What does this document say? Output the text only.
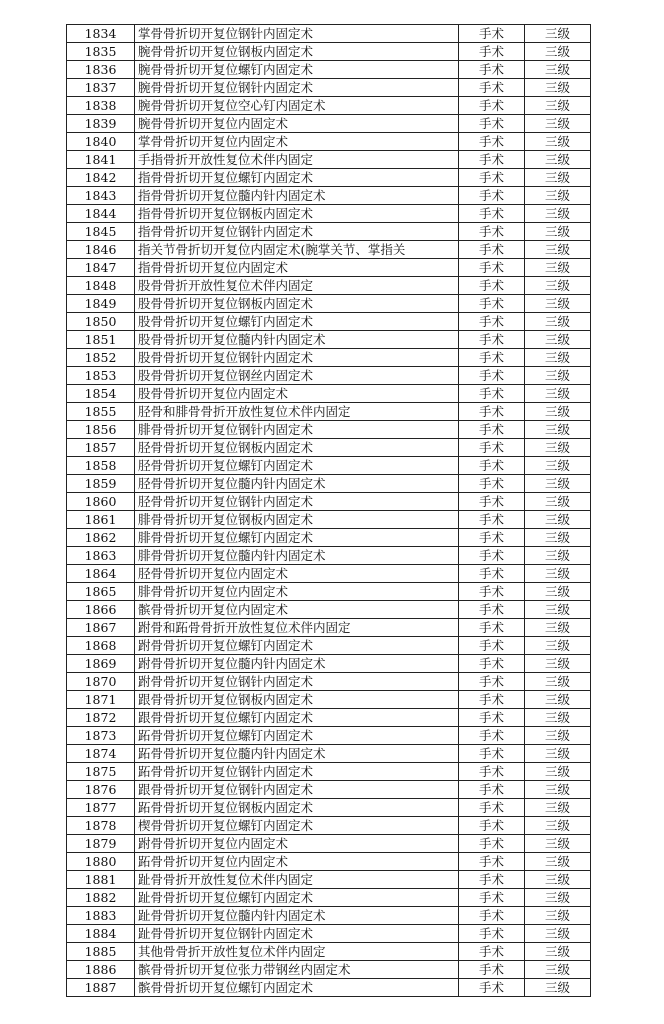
1834	掌骨骨折切开复位钢针内固定术	手术	三级
1835	腕骨骨折切开复位钢板内固定术	手术	三级
1836	腕骨骨折切开复位螺钉内固定术	手术	三级
1837	腕骨骨折切开复位钢针内固定术	手术	三级
1838	腕骨骨折切开复位空心钉内固定术	手术	三级
1839	腕骨骨折切开复位内固定术	手术	三级
1840	掌骨骨折切开复位内固定术	手术	三级
1841	手指骨折开放性复位术伴内固定	手术	三级
1842	指骨骨折切开复位螺钉内固定术	手术	三级
1843	指骨骨折切开复位髓内针内固定术	手术	三级
1844	指骨骨折切开复位钢板内固定术	手术	三级
1845	指骨骨折切开复位钢针内固定术	手术	三级
1846	指关节骨折切开复位内固定术(腕掌关节、掌指关	手术	三级
1847	指骨骨折切开复位内固定术	手术	三级
1848	股骨骨折开放性复位术伴内固定	手术	三级
1849	股骨骨折切开复位钢板内固定术	手术	三级
1850	股骨骨折切开复位螺钉内固定术	手术	三级
1851	股骨骨折切开复位髓内针内固定术	手术	三级
1852	股骨骨折切开复位钢针内固定术	手术	三级
1853	股骨骨折切开复位钢丝内固定术	手术	三级
1854	股骨骨折切开复位内固定术	手术	三级
1855	胫骨和腓骨骨折开放性复位术伴内固定	手术	三级
1856	腓骨骨折切开复位钢针内固定术	手术	三级
1857	胫骨骨折切开复位钢板内固定术	手术	三级
1858	胫骨骨折切开复位螺钉内固定术	手术	三级
1859	胫骨骨折切开复位髓内针内固定术	手术	三级
1860	胫骨骨折切开复位钢针内固定术	手术	三级
1861	腓骨骨折切开复位钢板内固定术	手术	三级
1862	腓骨骨折切开复位螺钉内固定术	手术	三级
1863	腓骨骨折切开复位髓内针内固定术	手术	三级
1864	胫骨骨折切开复位内固定术	手术	三级
1865	腓骨骨折切开复位内固定术	手术	三级
1866	髌骨骨折切开复位内固定术	手术	三级
1867	跗骨和跖骨骨折开放性复位术伴内固定	手术	三级
1868	跗骨骨折切开复位螺钉内固定术	手术	三级
1869	跗骨骨折切开复位髓内针内固定术	手术	三级
1870	跗骨骨折切开复位钢针内固定术	手术	三级
1871	跟骨骨折切开复位钢板内固定术	手术	三级
1872	跟骨骨折切开复位螺钉内固定术	手术	三级
1873	跖骨骨折切开复位螺钉内固定术	手术	三级
1874	跖骨骨折切开复位髓内针内固定术	手术	三级
1875	跖骨骨折切开复位钢针内固定术	手术	三级
1876	跟骨骨折切开复位钢针内固定术	手术	三级
1877	跖骨骨折切开复位钢板内固定术	手术	三级
1878	楔骨骨折切开复位螺钉内固定术	手术	三级
1879	跗骨骨折切开复位内固定术	手术	三级
1880	跖骨骨折切开复位内固定术	手术	三级
1881	趾骨骨折开放性复位术伴内固定	手术	三级
1882	趾骨骨折切开复位螺钉内固定术	手术	三级
1883	趾骨骨折切开复位髓内针内固定术	手术	三级
1884	趾骨骨折切开复位钢针内固定术	手术	三级
1885	其他骨骨折开放性复位术伴内固定	手术	三级
1886	髌骨骨折切开复位张力带钢丝内固定术	手术	三级
1887	髌骨骨折切开复位螺钉内固定术	手术	三级
